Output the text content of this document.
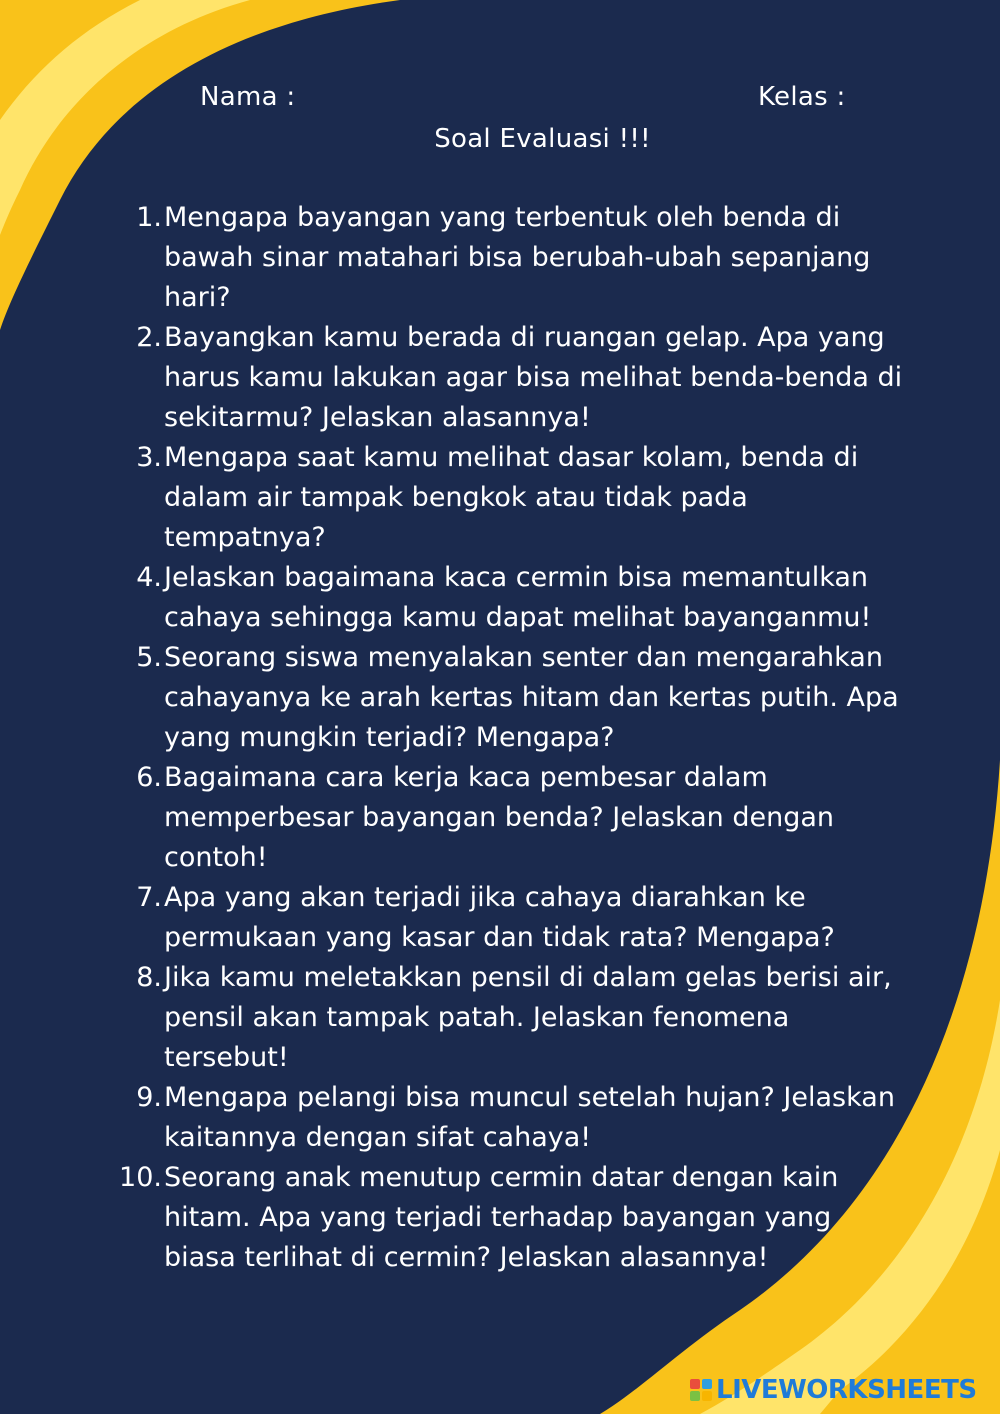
Nama :	Kelas :
Soal Evaluasi !!!
1. Mengapa bayangan yang terbentuk oleh benda di bawah sinar matahari bisa berubah-ubah sepanjang hari?
2. Bayangkan kamu berada di ruangan gelap. Apa yang harus kamu lakukan agar bisa melihat benda-benda di sekitarmu? Jelaskan alasannya!
3. Mengapa saat kamu melihat dasar kolam, benda di dalam air tampak bengkok atau tidak pada tempatnya?
4. Jelaskan bagaimana kaca cermin bisa memantulkan cahaya sehingga kamu dapat melihat bayanganmu!
5. Seorang siswa menyalakan senter dan mengarahkan cahayanya ke arah kertas hitam dan kertas putih. Apa yang mungkin terjadi? Mengapa?
6. Bagaimana cara kerja kaca pembesar dalam memperbesar bayangan benda? Jelaskan dengan contoh!
7. Apa yang akan terjadi jika cahaya diarahkan ke permukaan yang kasar dan tidak rata? Mengapa?
8. Jika kamu meletakkan pensil di dalam gelas berisi air, pensil akan tampak patah. Jelaskan fenomena tersebut!
9. Mengapa pelangi bisa muncul setelah hujan? Jelaskan kaitannya dengan sifat cahaya!
10. Seorang anak menutup cermin datar dengan kain hitam. Apa yang terjadi terhadap bayangan yang biasa terlihat di cermin? Jelaskan alasannya!
LIVEWORKSHEETS
